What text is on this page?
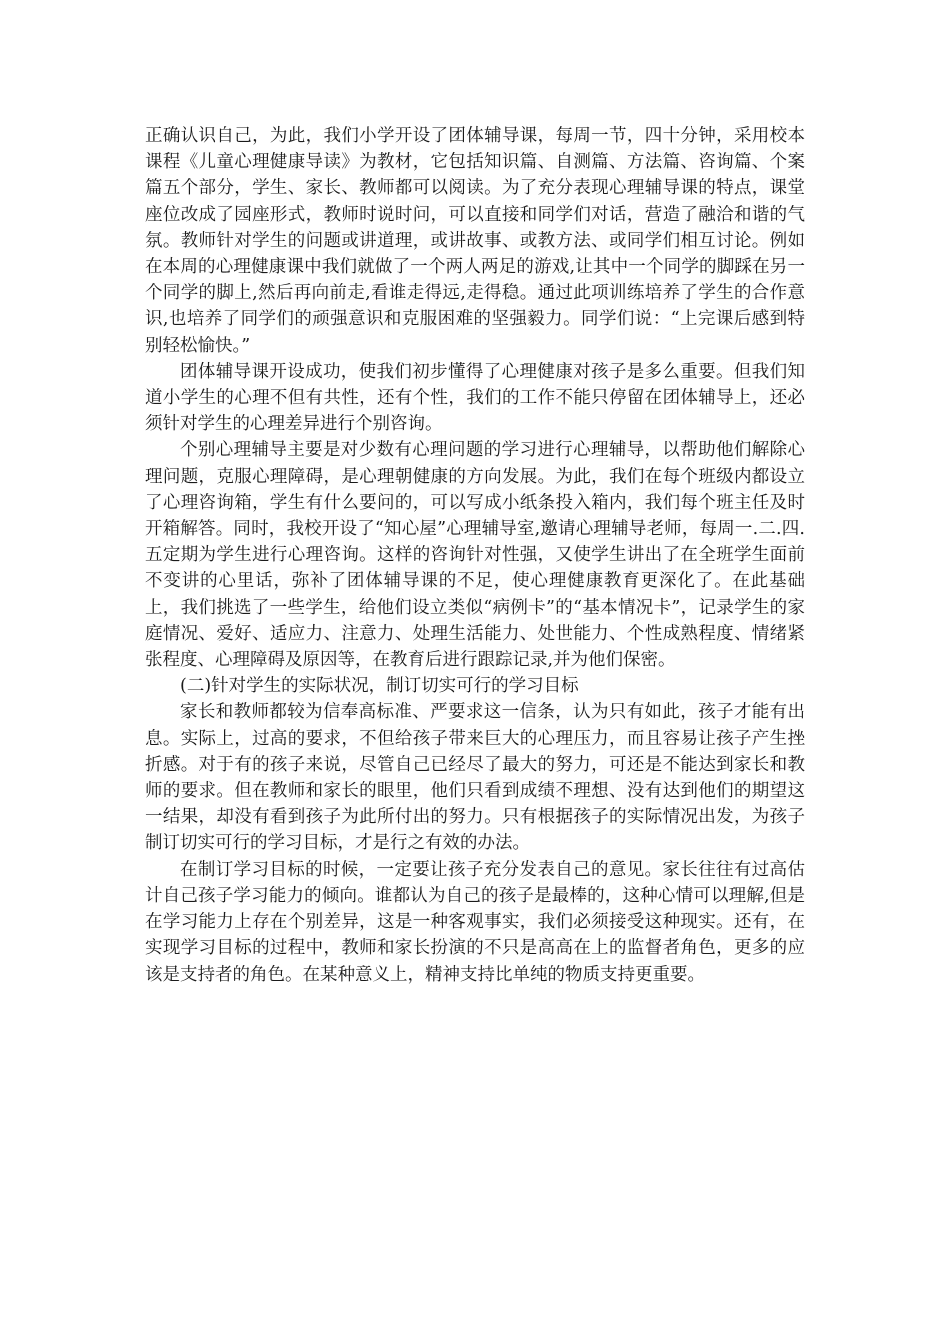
正确认识自己，为此，我们小学开设了团体辅导课，每周一节，四十分钟，采用校本课程《儿童心理健康导读》为教材，它包括知识篇、自测篇、方法篇、咨询篇、个案篇五个部分，学生、家长、教师都可以阅读。为了充分表现心理辅导课的特点，课堂座位改成了园座形式，教师时说时问，可以直接和同学们对话，营造了融洽和谐的气氛。教师针对学生的问题或讲道理，或讲故事、或教方法、或同学们相互讨论。例如在本周的心理健康课中我们就做了一个两人两足的游戏,让其中一个同学的脚踩在另一个同学的脚上,然后再向前走,看谁走得远,走得稳。通过此项训练培养了学生的合作意识,也培养了同学们的顽强意识和克服困难的坚强毅力。同学们说：“上完课后感到特别轻松愉快。”

团体辅导课开设成功，使我们初步懂得了心理健康对孩子是多么重要。但我们知道小学生的心理不但有共性，还有个性，我们的工作不能只停留在团体辅导上，还必须针对学生的心理差异进行个别咨询。

个别心理辅导主要是对少数有心理问题的学习进行心理辅导，以帮助他们解除心理问题，克服心理障碍，是心理朝健康的方向发展。为此，我们在每个班级内都设立了心理咨询箱，学生有什么要问的，可以写成小纸条投入箱内，我们每个班主任及时开箱解答。同时，我校开设了“知心屋”心理辅导室,邀请心理辅导老师，每周一.二.四.五定期为学生进行心理咨询。这样的咨询针对性强，又使学生讲出了在全班学生面前不变讲的心里话，弥补了团体辅导课的不足，使心理健康教育更深化了。在此基础上，我们挑选了一些学生，给他们设立类似“病例卡”的“基本情况卡”，记录学生的家庭情况、爱好、适应力、注意力、处理生活能力、处世能力、个性成熟程度、情绪紧张程度、心理障碍及原因等，在教育后进行跟踪记录,并为他们保密。

(二)针对学生的实际状况，制订切实可行的学习目标

家长和教师都较为信奉高标准、严要求这一信条，认为只有如此，孩子才能有出息。实际上，过高的要求，不但给孩子带来巨大的心理压力，而且容易让孩子产生挫折感。对于有的孩子来说，尽管自己已经尽了最大的努力，可还是不能达到家长和教师的要求。但在教师和家长的眼里，他们只看到成绩不理想、没有达到他们的期望这一结果，却没有看到孩子为此所付出的努力。只有根据孩子的实际情况出发，为孩子制订切实可行的学习目标，才是行之有效的办法。

在制订学习目标的时候，一定要让孩子充分发表自己的意见。家长往往有过高估计自己孩子学习能力的倾向。谁都认为自己的孩子是最棒的，这种心情可以理解,但是在学习能力上存在个别差异，这是一种客观事实，我们必须接受这种现实。还有，在实现学习目标的过程中，教师和家长扮演的不只是高高在上的监督者角色，更多的应该是支持者的角色。在某种意义上，精神支持比单纯的物质支持更重要。
